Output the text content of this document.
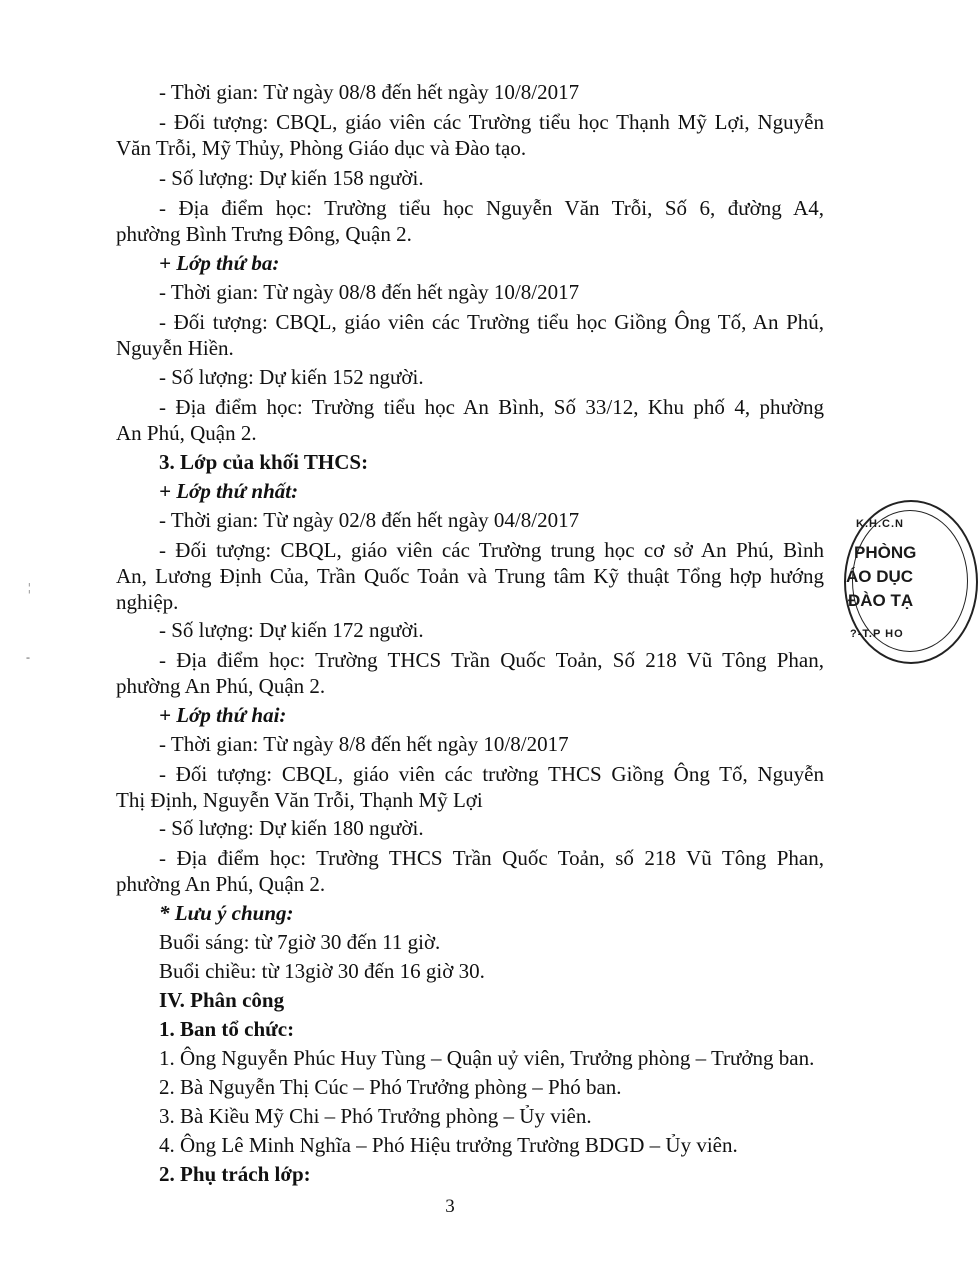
- Thời gian: Từ ngày 08/8 đến hết ngày 10/8/2017

- Đối tượng: CBQL, giáo viên các Trường tiểu học Thạnh Mỹ Lợi, Nguyễn

Văn Trỗi, Mỹ Thủy, Phòng Giáo dục và Đào tạo.

- Số lượng: Dự kiến 158 người.

- Địa điểm học: Trường tiểu học Nguyễn Văn Trỗi, Số 6, đường A4,

phường Bình Trưng Đông, Quận 2.

+ Lớp thứ ba:

- Thời gian: Từ ngày 08/8 đến hết ngày 10/8/2017

- Đối tượng: CBQL, giáo viên các Trường tiểu học Giồng Ông Tố, An Phú,

Nguyễn Hiền.

- Số lượng: Dự kiến 152 người.

- Địa điểm học: Trường tiểu học An Bình, Số 33/12, Khu phố 4, phường

An Phú, Quận 2.

3. Lớp của khối THCS:

+ Lớp thứ nhất:

- Thời gian: Từ ngày 02/8 đến hết ngày 04/8/2017

- Đối tượng: CBQL, giáo viên các Trường trung học cơ sở An Phú, Bình

An, Lương Định Của, Trần Quốc Toản và Trung tâm Kỹ thuật Tổng hợp hướng

nghiệp.

- Số lượng: Dự kiến 172 người.

- Địa điểm học: Trường THCS Trần Quốc Toản, Số 218 Vũ Tông Phan,

phường An Phú, Quận 2.

+ Lớp thứ hai:

- Thời gian: Từ ngày 8/8 đến hết ngày 10/8/2017

- Đối tượng: CBQL, giáo viên các trường THCS Giồng Ông Tố, Nguyễn

Thị Định, Nguyễn Văn Trỗi, Thạnh Mỹ Lợi

- Số lượng: Dự kiến 180 người.

- Địa điểm học: Trường THCS Trần Quốc Toản, số 218 Vũ Tông Phan,

phường An Phú, Quận 2.

* Lưu ý chung:

Buổi sáng: từ 7giờ 30 đến 11 giờ.

Buổi chiều: từ 13giờ 30 đến 16 giờ 30.

IV. Phân công

1. Ban tổ chức:

1. Ông Nguyễn Phúc Huy Tùng – Quận uỷ viên, Trưởng phòng – Trưởng ban.

2. Bà Nguyễn Thị Cúc – Phó Trưởng phòng – Phó ban.

3. Bà Kiều Mỹ Chi – Phó Trưởng phòng – Ủy viên.

4. Ông Lê Minh Nghĩa – Phó Hiệu trưởng Trường BDGD – Ủy viên.

2. Phụ trách lớp:

3
¦
-
K.H.C.N
PHÒNG
ÁO DỤC
ĐÀO TẠ
?-T.P HO
